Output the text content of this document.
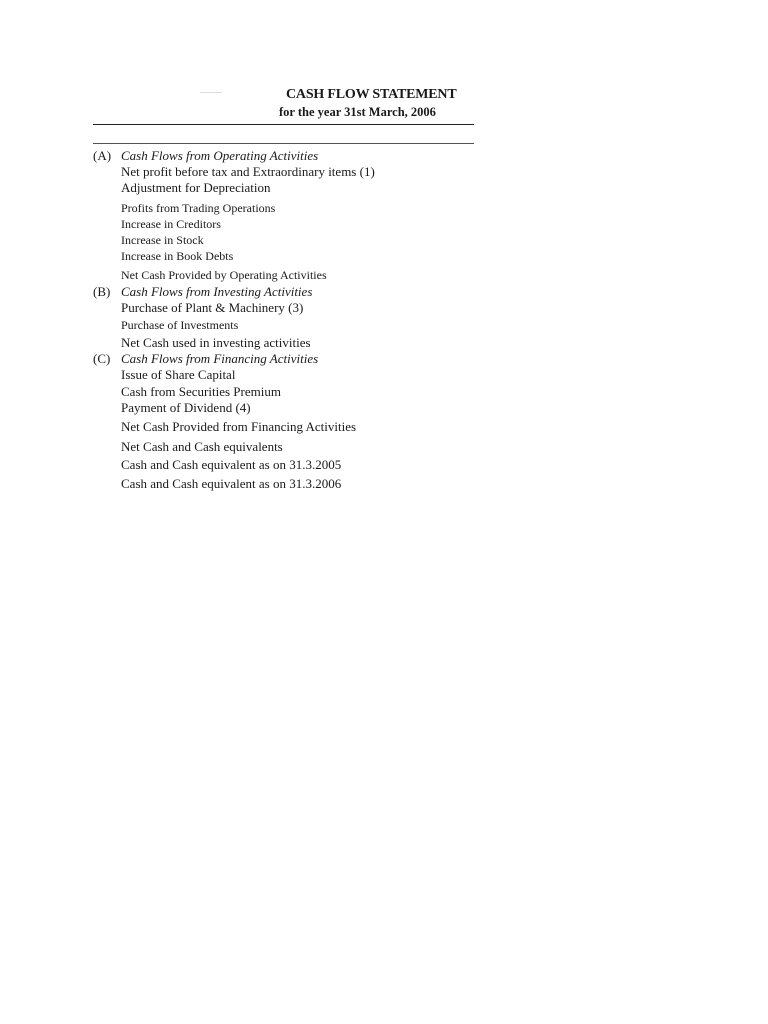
CASH FLOW STATEMENT
for the year 31st March, 2006
(A) Cash Flows from Operating Activities
Net profit before tax and Extraordinary items (1)
Adjustment for Depreciation
Profits from Trading Operations
Increase in Creditors
Increase in Stock
Increase in Book Debts
Net Cash Provided by Operating Activities
(B) Cash Flows from Investing Activities
Purchase of Plant & Machinery (3)
Purchase of Investments
Net Cash used in investing activities
(C) Cash Flows from Financing Activities
Issue of Share Capital
Cash from Securities Premium
Payment of Dividend (4)
Net Cash Provided from Financing Activities
Net Cash and Cash equivalents
Cash and Cash equivalent as on 31.3.2005
Cash and Cash equivalent as on 31.3.2006
